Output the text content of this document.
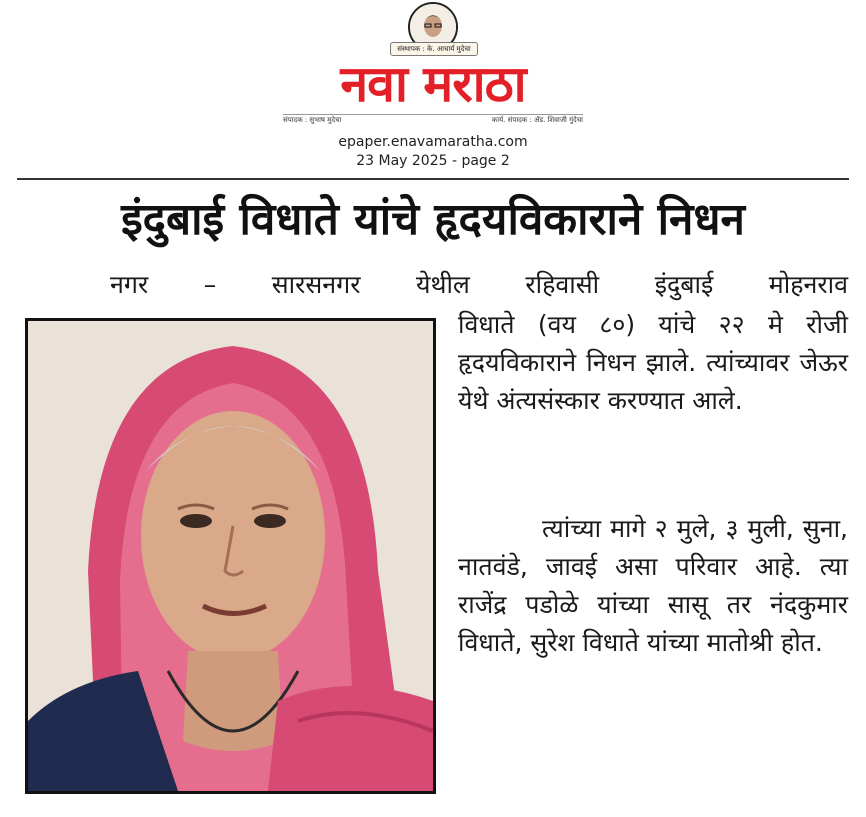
संस्थापक : के. आचार्य मुदेचा
नवा मराठा
संपादक : सुभाष मुदेचा	कार्य. संपादक : ॲड. शिवाजी गुंदेचा
epaper.enavamaratha.com
23 May 2025 - page 2
इंदुबाई विधाते यांचे हृदयविकाराने निधन
नगर – सारसनगर येथील रहिवासी इंदुबाई मोहनराव
विधाते (वय ८०) यांचे २२ मे रोजी हृदयविकाराने निधन झाले. त्यांच्यावर जेऊर येथे अंत्यसंस्कार करण्यात आले.
त्यांच्या मागे २ मुले, ३ मुली, सुना, नातवंडे, जावई असा परिवार आहे. त्या राजेंद्र पडोळे यांच्या सासू तर नंदकुमार विधाते, सुरेश विधाते यांच्या मातोश्री होत.
